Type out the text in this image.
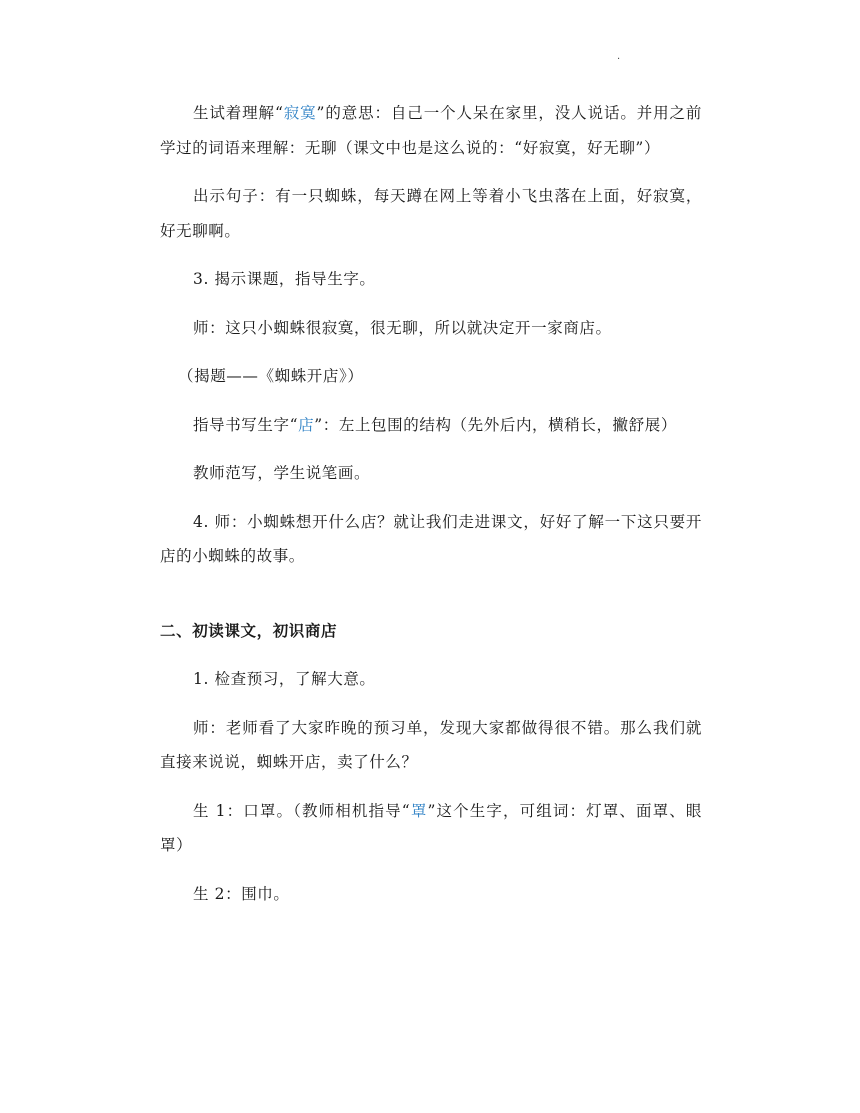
·

生试着理解“寂寞”的意思：自己一个人呆在家里，没人说话。并用之前学过的词语来理解：无聊（课文中也是这么说的：“好寂寞，好无聊”）

出示句子：有一只蜘蛛，每天蹲在网上等着小飞虫落在上面，好寂寞，好无聊啊。

3. 揭示课题，指导生字。

师：这只小蜘蛛很寂寞，很无聊，所以就决定开一家商店。

（揭题——《蜘蛛开店》）

指导书写生字“店”：左上包围的结构（先外后内，横稍长，撇舒展）

教师范写，学生说笔画。

4. 师：小蜘蛛想开什么店？就让我们走进课文，好好了解一下这只要开店的小蜘蛛的故事。

二、初读课文，初识商店

1. 检查预习，了解大意。

师：老师看了大家昨晚的预习单，发现大家都做得很不错。那么我们就直接来说说，蜘蛛开店，卖了什么？

生 1：口罩。（教师相机指导“罩”这个生字，可组词：灯罩、面罩、眼罩）

生 2：围巾。
